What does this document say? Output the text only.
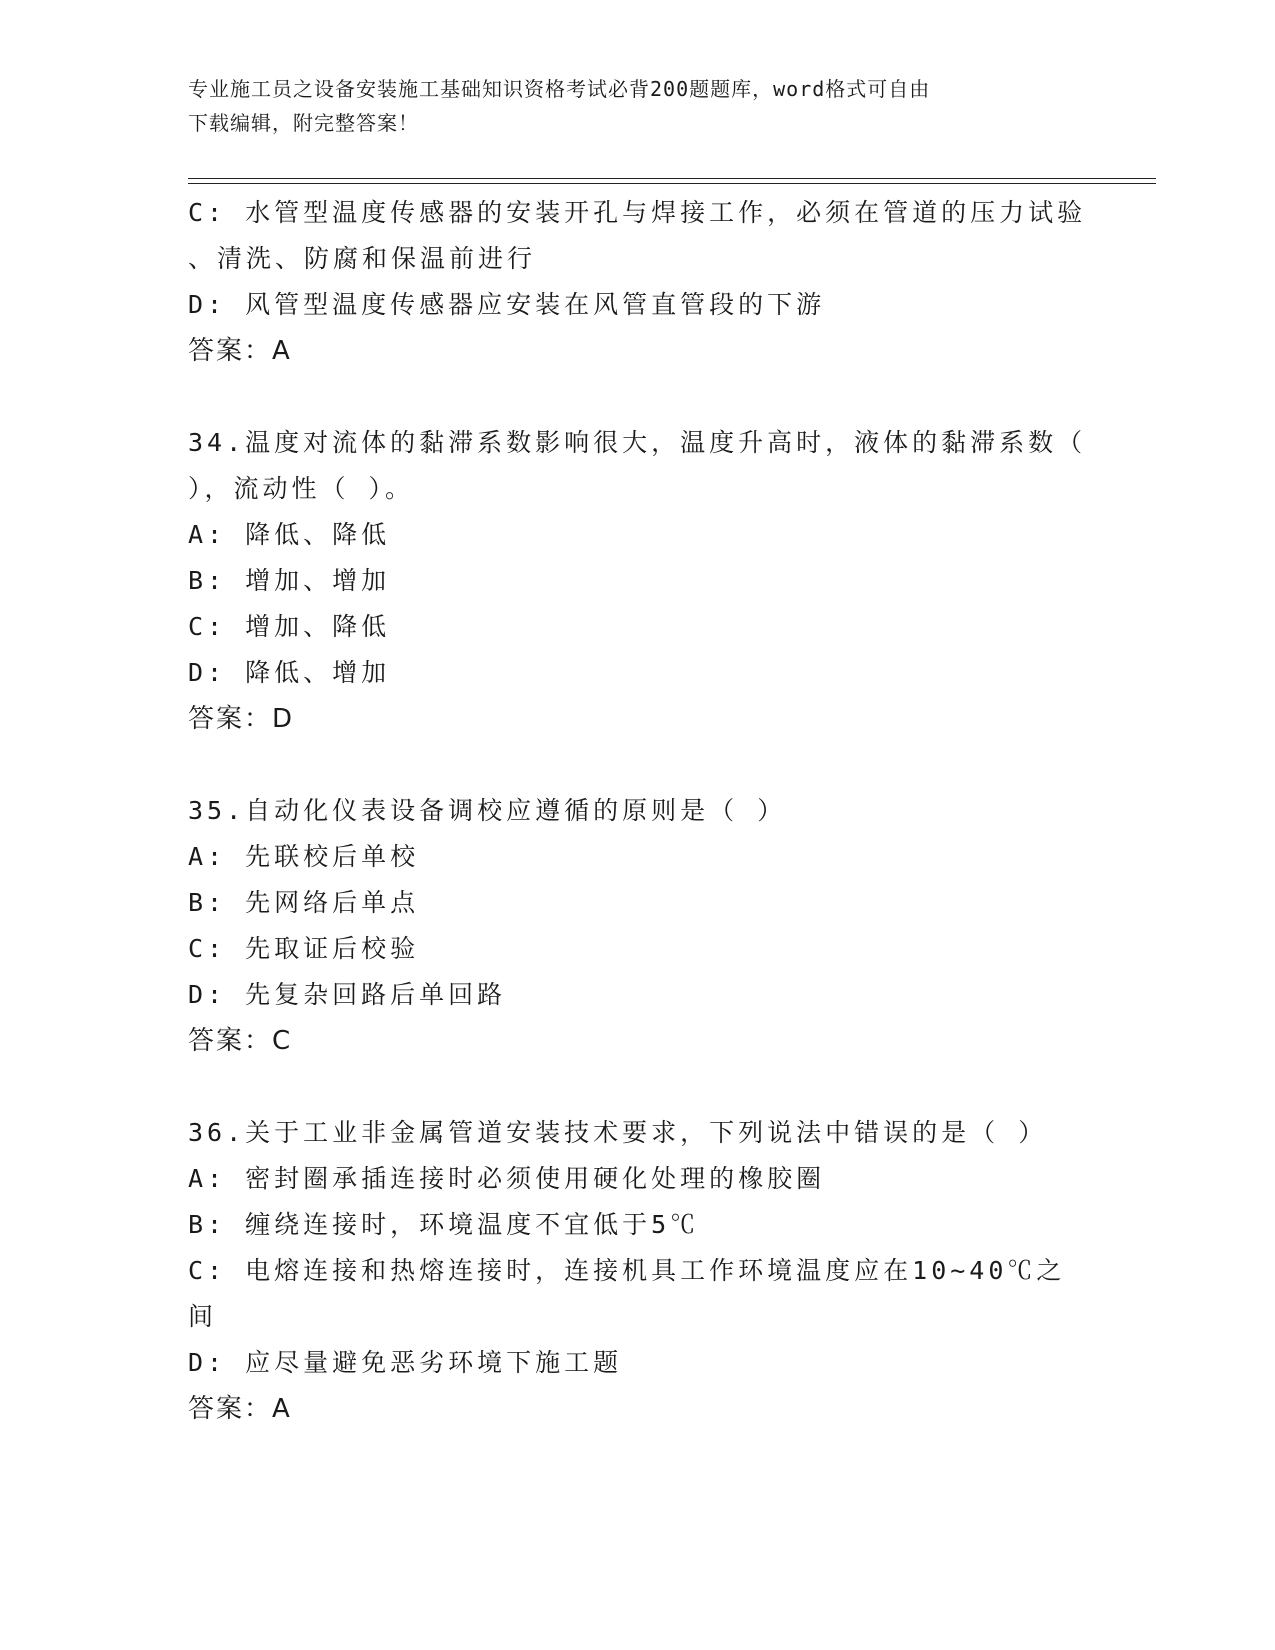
专业施工员之设备安装施工基础知识资格考试必背200题题库，word格式可自由
下载编辑，附完整答案！
C: 水管型温度传感器的安装开孔与焊接工作，必须在管道的压力试验
、清洗、防腐和保温前进行
D: 风管型温度传感器应安装在风管直管段的下游
答案：A
34.温度对流体的黏滞系数影响很大，温度升高时，液体的黏滞系数（
），流动性（ ）。
A: 降低、降低
B: 增加、增加
C: 增加、降低
D: 降低、增加
答案：D
35.自动化仪表设备调校应遵循的原则是（ ）
A: 先联校后单校
B: 先网络后单点
C: 先取证后校验
D: 先复杂回路后单回路
答案：C
36.关于工业非金属管道安装技术要求，下列说法中错误的是（ ）
A: 密封圈承插连接时必须使用硬化处理的橡胶圈
B: 缠绕连接时，环境温度不宜低于5℃
C: 电熔连接和热熔连接时，连接机具工作环境温度应在10~40℃之间
D: 应尽量避免恶劣环境下施工题
答案：A
